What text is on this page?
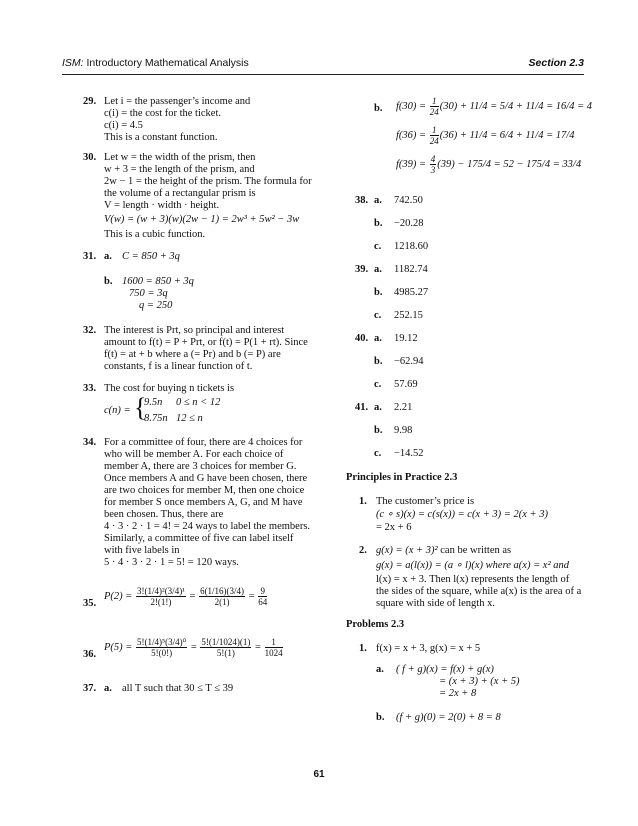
ISM: Introductory Mathematical Analysis	Section 2.3
29. Let i = the passenger’s income and
c(i) = the cost for the ticket.
c(i) = 4.5
This is a constant function.
30. Let w = the width of the prism, then
w + 3 = the length of the prism, and
2w − 1 = the height of the prism. The formula for
the volume of a rectangular prism is
V = length · width · height.
V(w) = (w + 3)(w)(2w − 1) = 2w³ + 5w² − 3w
This is a cubic function.
31. a. C = 850 + 3q
b. 1600 = 850 + 3q
750 = 3q
q = 250
32. The interest is Prt, so principal and interest
amount to f(t) = P + Prt, or f(t) = P(1 + rt). Since
f(t) = at + b where a (= Pr) and b (= P) are
constants, f is a linear function of t.
33. The cost for buying n tickets is
c(n) = {
9.5n 0 ≤ n < 12
8.75n 12 ≤ n
34. For a committee of four, there are 4 choices for
who will be member A. For each choice of
member A, there are 3 choices for member G.
Once members A and G have been chosen, there
are two choices for member M, then one choice
for member S once members A, G, and M have
been chosen. Thus, there are
4 · 3 · 2 · 1 = 4! = 24 ways to label the members.
Similarly, a committee of five can label itself
with five labels in
5 · 4 · 3 · 2 · 1 = 5! = 120 ways.
35.
$P(2) = \frac{\text{3!(1/4)²(3/4)¹}}{2!(1!)} = \frac{6(1/16)(3/4)}{2(1)} = \frac{9}{64}$
36.
$P(5) = \frac{\text{5!(1/4)⁵(3/4)⁰}}{5!(0!)} = \frac{5!(1/1024)(1)}{5!(1)} = \frac{1}{1024}$
37. a. all T such that 30 ≤ T ≤ 39
b. $f(30) = \frac{1}{24} (30) + 11/4 = 5/4 + 11/4 = 16/4 = 4$
$f(36) = \frac{1}{24} (36) + 11/4 = 6/4 + 11/4 = 17/4$
$f(39) = \frac{4}{3} (39) - 175/4 = 52 - 175/4 = 33/4$
38. a. 742.50
b. −20.28
c. 1218.60
39. a. 1182.74
b. 4985.27
c. 252.15
40. a. 19.12
b. −62.94
c. 57.69
41. a. 2.21
b. 9.98
c. −14.52
Principles in Practice 2.3
1. The customer’s price is
(c ∘ s)(x) = c(s(x)) = c(x + 3) = 2(x + 3)
= 2x + 6
2. g(x) = (x + 3)² can be written as
g(x) = a(l(x)) = (a ∘ l)(x) where a(x) = x² and
l(x) = x + 3. Then l(x) represents the length of
the sides of the square, while a(x) is the area of a
square with side of length x.
Problems 2.3
1. f(x) = x + 3, g(x) = x + 5
a. ( f + g)(x) = f(x) + g(x)
= (x + 3) + (x + 5)
= 2x + 8
b. (f + g)(0) = 2(0) + 8 = 8
61
